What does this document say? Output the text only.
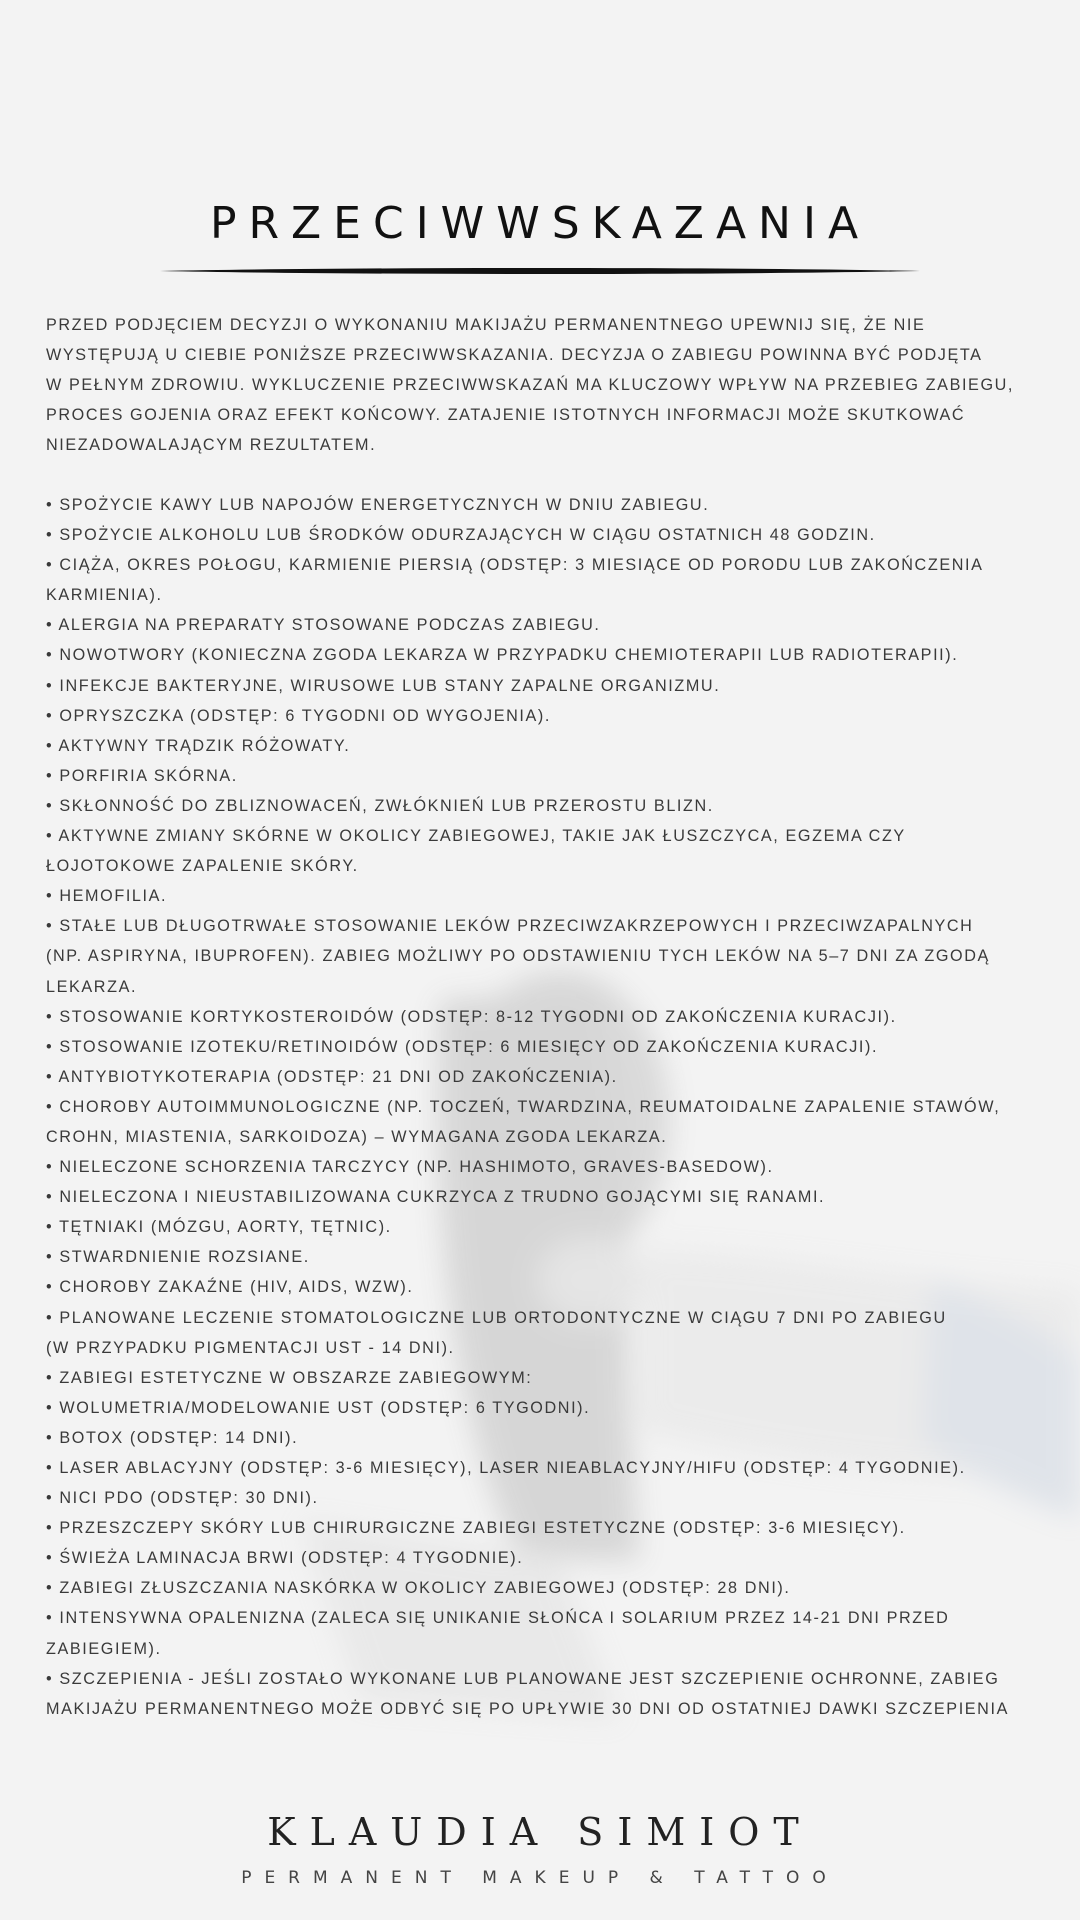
PRZECIWWSKAZANIA
PRZED PODJĘCIEM DECYZJI O WYKONANIU MAKIJAŻU PERMANENTNEGO UPEWNIJ SIĘ, ŻE NIE
WYSTĘPUJĄ U CIEBIE PONIŻSZE PRZECIWWSKAZANIA. DECYZJA O ZABIEGU POWINNA BYĆ PODJĘTA
W PEŁNYM ZDROWIU. WYKLUCZENIE PRZECIWWSKAZAŃ MA KLUCZOWY WPŁYW NA PRZEBIEG ZABIEGU,
PROCES GOJENIA ORAZ EFEKT KOŃCOWY. ZATAJENIE ISTOTNYCH INFORMACJI MOŻE SKUTKOWAĆ
NIEZADOWALAJĄCYM REZULTATEM.
• SPOŻYCIE KAWY LUB NAPOJÓW ENERGETYCZNYCH W DNIU ZABIEGU.
• SPOŻYCIE ALKOHOLU LUB ŚRODKÓW ODURZAJĄCYCH W CIĄGU OSTATNICH 48 GODZIN.
• CIĄŻA, OKRES POŁOGU, KARMIENIE PIERSIĄ (ODSTĘP: 3 MIESIĄCE OD PORODU LUB ZAKOŃCZENIA
KARMIENIA).
• ALERGIA NA PREPARATY STOSOWANE PODCZAS ZABIEGU.
• NOWOTWORY (KONIECZNA ZGODA LEKARZA W PRZYPADKU CHEMIOTERAPII LUB RADIOTERAPII).
• INFEKCJE BAKTERYJNE, WIRUSOWE LUB STANY ZAPALNE ORGANIZMU.
• OPRYSZCZKA (ODSTĘP: 6 TYGODNI OD WYGOJENIA).
• AKTYWNY TRĄDZIK RÓŻOWATY.
• PORFIRIA SKÓRNA.
• SKŁONNOŚĆ DO ZBLIZNOWACEŃ, ZWŁÓKNIEŃ LUB PRZEROSTU BLIZN.
• AKTYWNE ZMIANY SKÓRNE W OKOLICY ZABIEGOWEJ, TAKIE JAK ŁUSZCZYCA, EGZEMA CZY
ŁOJOTOKOWE ZAPALENIE SKÓRY.
• HEMOFILIA.
• STAŁE LUB DŁUGOTRWAŁE STOSOWANIE LEKÓW PRZECIWZAKRZEPOWYCH I PRZECIWZAPALNYCH
(NP. ASPIRYNA, IBUPROFEN). ZABIEG MOŻLIWY PO ODSTAWIENIU TYCH LEKÓW NA 5–7 DNI ZA ZGODĄ
LEKARZA.
• STOSOWANIE KORTYKOSTEROIDÓW (ODSTĘP: 8-12 TYGODNI OD ZAKOŃCZENIA KURACJI).
• STOSOWANIE IZOTEKU/RETINOIDÓW (ODSTĘP: 6 MIESIĘCY OD ZAKOŃCZENIA KURACJI).
• ANTYBIOTYKOTERAPIA (ODSTĘP: 21 DNI OD ZAKOŃCZENIA).
• CHOROBY AUTOIMMUNOLOGICZNE (NP. TOCZEŃ, TWARDZINA, REUMATOIDALNE ZAPALENIE STAWÓW,
CROHN, MIASTENIA, SARKOIDOZA) – WYMAGANA ZGODA LEKARZA.
• NIELECZONE SCHORZENIA TARCZYCY (NP. HASHIMOTO, GRAVES-BASEDOW).
• NIELECZONA I NIEUSTABILIZOWANA CUKRZYCA Z TRUDNO GOJĄCYMI SIĘ RANAMI.
• TĘTNIAKI (MÓZGU, AORTY, TĘTNIC).
• STWARDNIENIE ROZSIANE.
• CHOROBY ZAKAŹNE (HIV, AIDS, WZW).
• PLANOWANE LECZENIE STOMATOLOGICZNE LUB ORTODONTYCZNE W CIĄGU 7 DNI PO ZABIEGU
(W PRZYPADKU PIGMENTACJI UST - 14 DNI).
• ZABIEGI ESTETYCZNE W OBSZARZE ZABIEGOWYM:
• WOLUMETRIA/MODELOWANIE UST (ODSTĘP: 6 TYGODNI).
• BOTOX (ODSTĘP: 14 DNI).
• LASER ABLACYJNY (ODSTĘP: 3-6 MIESIĘCY), LASER NIEABLACYJNY/HIFU (ODSTĘP: 4 TYGODNIE).
• NICI PDO (ODSTĘP: 30 DNI).
• PRZESZCZEPY SKÓRY LUB CHIRURGICZNE ZABIEGI ESTETYCZNE (ODSTĘP: 3-6 MIESIĘCY).
• ŚWIEŻA LAMINACJA BRWI (ODSTĘP: 4 TYGODNIE).
• ZABIEGI ZŁUSZCZANIA NASKÓRKA W OKOLICY ZABIEGOWEJ (ODSTĘP: 28 DNI).
• INTENSYWNA OPALENIZNA (ZALECA SIĘ UNIKANIE SŁOŃCA I SOLARIUM PRZEZ 14-21 DNI PRZED
ZABIEGIEM).
• SZCZEPIENIA - JEŚLI ZOSTAŁO WYKONANE LUB PLANOWANE JEST SZCZEPIENIE OCHRONNE, ZABIEG
MAKIJAŻU PERMANENTNEGO MOŻE ODBYĆ SIĘ PO UPŁYWIE 30 DNI OD OSTATNIEJ DAWKI SZCZEPIENIA
KLAUDIA SIMIOT
PERMANENT MAKEUP & TATTOO
